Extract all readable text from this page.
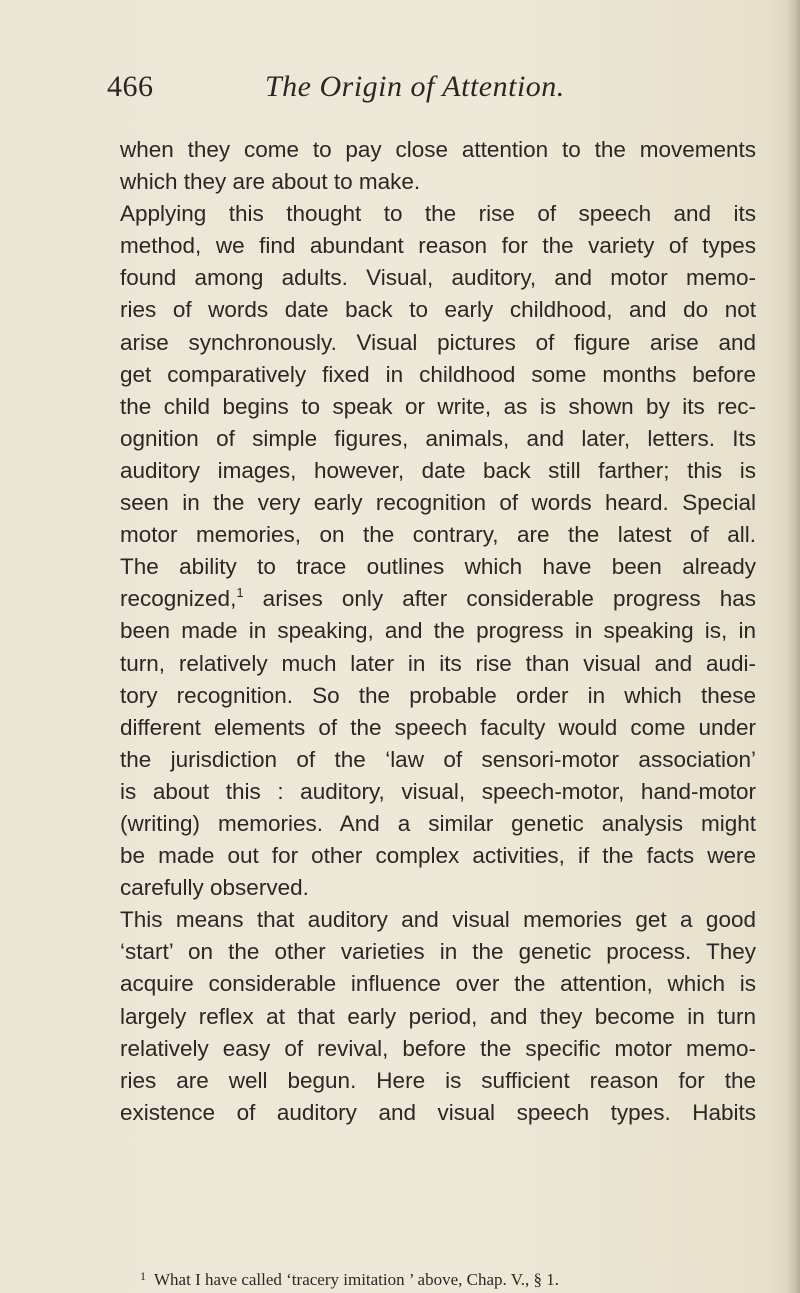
466	The Origin of Attention.
when they come to pay close attention to the movements
which they are about to make.
Applying this thought to the rise of speech and its
method, we find abundant reason for the variety of types
found among adults. Visual, auditory, and motor memo-
ries of words date back to early childhood, and do not
arise synchronously. Visual pictures of figure arise and
get comparatively fixed in childhood some months before
the child begins to speak or write, as is shown by its rec-
ognition of simple figures, animals, and later, letters. Its
auditory images, however, date back still farther; this is
seen in the very early recognition of words heard. Special
motor memories, on the contrary, are the latest of all.
The ability to trace outlines which have been already
recognized,$^1$ arises only after considerable progress has
been made in speaking, and the progress in speaking is, in
turn, relatively much later in its rise than visual and audi-
tory recognition. So the probable order in which these
different elements of the speech faculty would come under
the jurisdiction of the ‘law of sensori-motor association’
is about this : auditory, visual, speech-motor, hand-motor
(writing) memories. And a similar genetic analysis might
be made out for other complex activities, if the facts were
carefully observed.
This means that auditory and visual memories get a good
‘start’ on the other varieties in the genetic process. They
acquire considerable influence over the attention, which is
largely reflex at that early period, and they become in turn
relatively easy of revival, before the specific motor memo-
ries are well begun. Here is sufficient reason for the
existence of auditory and visual speech types. Habits
$^1$ What I have called ‘tracery imitation ’ above, Chap. V., § 1.
